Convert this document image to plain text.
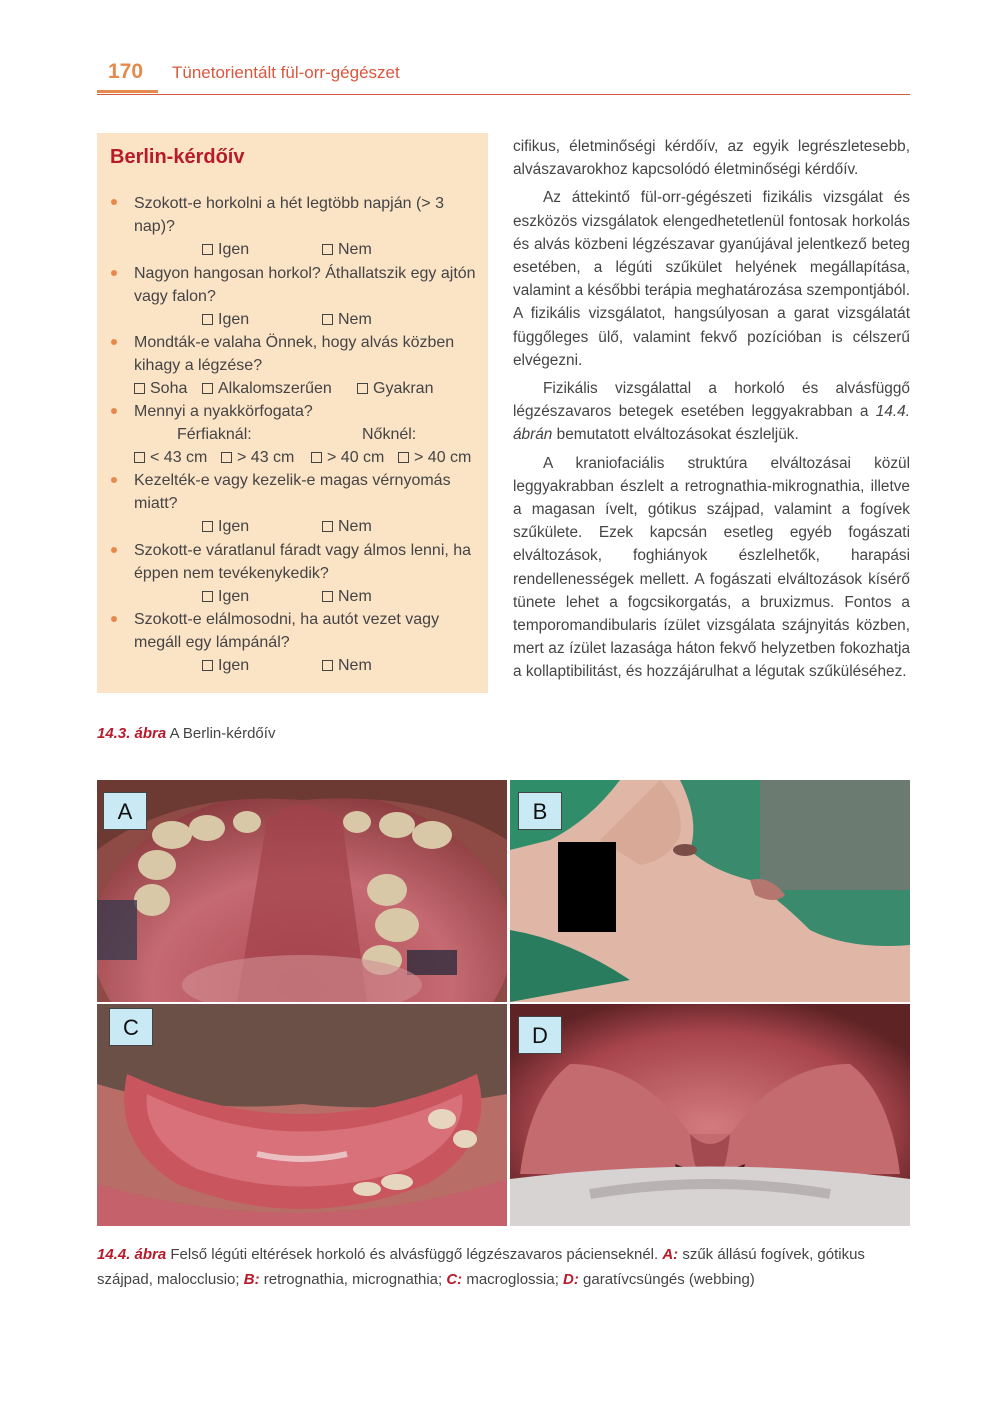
170 Tünetorientált fül-orr-gégészet
Berlin-kérdőív
Szokott-e horkolni a hét legtöbb napján (> 3 nap)?
Igen	Nem
Nagyon hangosan horkol? Áthallatszik egy ajtón vagy falon?
Igen	Nem
Mondták-e valaha Önnek, hogy alvás közben kihagy a légzése?
Soha	Alkalomszerűen	Gyakran
Mennyi a nyakkörfogata?
Férfiaknál:	Nőknél:
< 43 cm	> 43 cm	> 40 cm	> 40 cm
Kezelték-e vagy kezelik-e magas vérnyomás miatt?
Igen	Nem
Szokott-e váratlanul fáradt vagy álmos lenni, ha éppen nem tevékenykedik?
Igen	Nem
Szokott-e elálmosodni, ha autót vezet vagy megáll egy lámpánál?
Igen	Nem
14.3. ábra A Berlin-kérdőív

cifikus, életminőségi kérdőív, az egyik legrészletesebb, alvászavarokhoz kapcsolódó életminőségi kérdőív.

Az áttekintő fül-orr-gégészeti fizikális vizsgálat és eszközös vizsgálatok elengedhetetlenül fontosak horkolás és alvás közbeni légzészavar gyanújával jelentkező beteg esetében, a légúti szűkület helyének megállapítása, valamint a későbbi terápia meghatározása szempontjából. A fizikális vizsgálatot, hangsúlyosan a garat vizsgálatát függőleges ülő, valamint fekvő pozícióban is célszerű elvégezni.

Fizikális vizsgálattal a horkoló és alvásfüggő légzészavaros betegek esetében leggyakrabban a 14.4. ábrán bemutatott elváltozásokat észleljük.

A kraniofaciális struktúra elváltozásai közül leggyakrabban észlelt a retrognathia-mikrognathia, illetve a magasan ívelt, gótikus szájpad, valamint a fogívek szűkülete. Ezek kapcsán esetleg egyéb fogászati elváltozások, foghiányok észlelhetők, harapási rendellenességek mellett. A fogászati elváltozások kísérő tünete lehet a fogcsikorgatás, a bruxizmus. Fontos a temporomandibularis ízület vizsgálata szájnyitás közben, mert az ízület lazasága háton fekvő helyzetben fokozhatja a kollaptibilitást, és hozzájárulhat a légutak szűküléséhez.

A	B
C	D
14.4. ábra Felső légúti eltérések horkoló és alvásfüggő légzészavaros pácienseknél. A: szűk állású fogívek, gótikus szájpad, malocclusio; B: retrognathia, micrognathia; C: macroglossia; D: garatívcsüngés (webbing)
